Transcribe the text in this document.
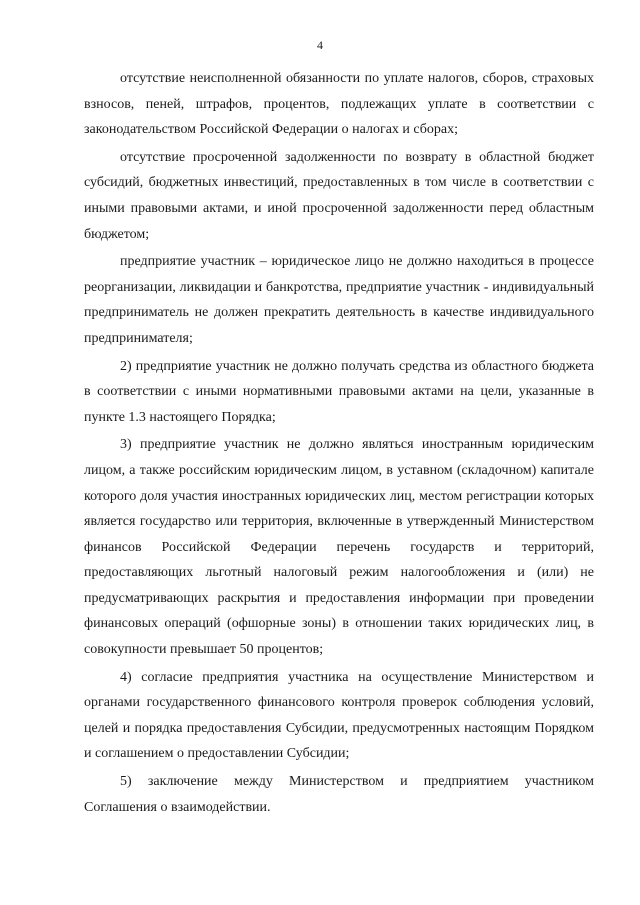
4

отсутствие неисполненной обязанности по уплате налогов, сборов, страховых взносов, пеней, штрафов, процентов, подлежащих уплате в соответствии с законодательством Российской Федерации о налогах и сборах;

отсутствие просроченной задолженности по возврату в областной бюджет субсидий, бюджетных инвестиций, предоставленных в том числе в соответствии с иными правовыми актами, и иной просроченной задолженности перед областным бюджетом;

предприятие участник – юридическое лицо не должно находиться в процессе реорганизации, ликвидации и банкротства, предприятие участник - индивидуальный предприниматель не должен прекратить деятельность в качестве индивидуального предпринимателя;

2) предприятие участник не должно получать средства из областного бюджета в соответствии с иными нормативными правовыми актами на цели, указанные в пункте 1.3 настоящего Порядка;

3) предприятие участник не должно являться иностранным юридическим лицом, а также российским юридическим лицом, в уставном (складочном) капитале которого доля участия иностранных юридических лиц, местом регистрации которых является государство или территория, включенные в утвержденный Министерством финансов Российской Федерации перечень государств и территорий, предоставляющих льготный налоговый режим налогообложения и (или) не предусматривающих раскрытия и предоставления информации при проведении финансовых операций (офшорные зоны) в отношении таких юридических лиц, в совокупности превышает 50 процентов;

4) согласие предприятия участника на осуществление Министерством и органами государственного финансового контроля проверок соблюдения условий, целей и порядка предоставления Субсидии, предусмотренных настоящим Порядком и соглашением о предоставлении Субсидии;

5) заключение между Министерством и предприятием участником Соглашения о взаимодействии.
